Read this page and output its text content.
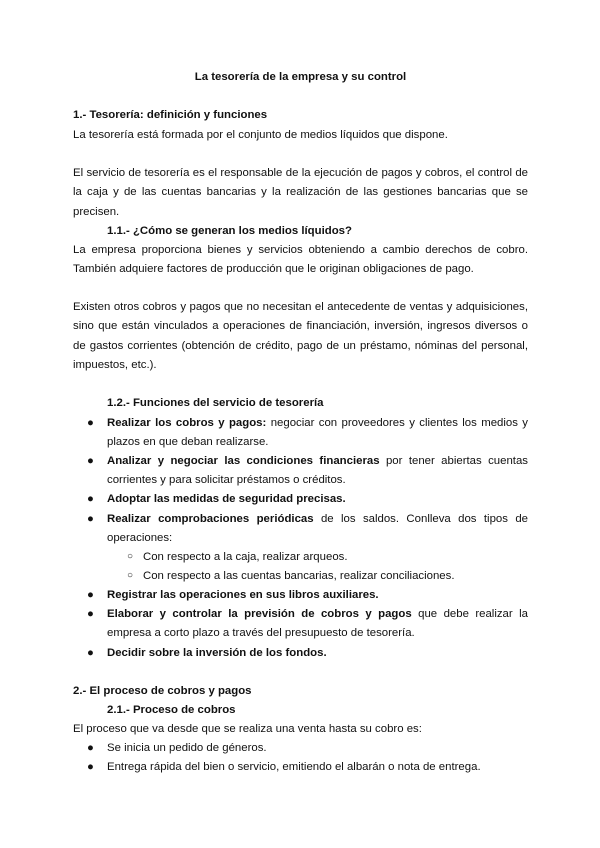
La tesorería de la empresa y su control
1.- Tesorería: definición y funciones

La tesorería está formada por el conjunto de medios líquidos que dispone.

El servicio de tesorería es el responsable de la ejecución de pagos y cobros, el control de la caja y de las cuentas bancarias y la realización de las gestiones bancarias que se precisen.

1.1.- ¿Cómo se generan los medios líquidos?

La empresa proporciona bienes y servicios obteniendo a cambio derechos de cobro. También adquiere factores de producción que le originan obligaciones de pago.

Existen otros cobros y pagos que no necesitan el antecedente de ventas y adquisiciones, sino que están vinculados a operaciones de financiación, inversión, ingresos diversos o de gastos corrientes (obtención de crédito, pago de un préstamo, nóminas del personal, impuestos, etc.).

1.2.- Funciones del servicio de tesorería
●	Realizar los cobros y pagos: negociar con proveedores y clientes los medios y plazos en que deban realizarse.
●	Analizar y negociar las condiciones financieras por tener abiertas cuentas corrientes y para solicitar préstamos o créditos.
●	Adoptar las medidas de seguridad precisas.
●	Realizar comprobaciones periódicas de los saldos. Conlleva dos tipos de operaciones:
○ Con respecto a la caja, realizar arqueos.
○ Con respecto a las cuentas bancarias, realizar conciliaciones.
●	Registrar las operaciones en sus libros auxiliares.
●	Elaborar y controlar la previsión de cobros y pagos que debe realizar la empresa a corto plazo a través del presupuesto de tesorería.
●	Decidir sobre la inversión de los fondos.
2.- El proceso de cobros y pagos
2.1.- Proceso de cobros

El proceso que va desde que se realiza una venta hasta su cobro es:

●	Se inicia un pedido de géneros.
●	Entrega rápida del bien o servicio, emitiendo el albarán o nota de entrega.
